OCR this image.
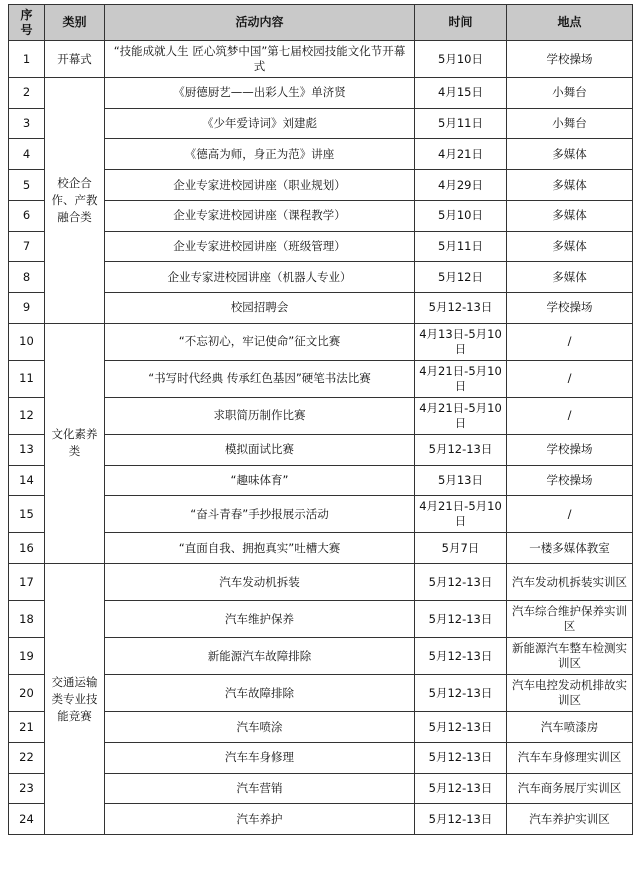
序号	类别	活动内容	时间	地点
1	开幕式	“技能成就人生 匠心筑梦中国”第七届校园技能文化节开幕式	5月10日	学校操场
2	校企合作、产教融合类	《厨德厨艺——出彩人生》单济贤	4月15日	小舞台
3		《少年爱诗词》刘建彪	5月11日	小舞台
4		《德高为师，身正为范》讲座	4月21日	多媒体
5		企业专家进校园讲座（职业规划）	4月29日	多媒体
6		企业专家进校园讲座（课程教学）	5月10日	多媒体
7		企业专家进校园讲座（班级管理）	5月11日	多媒体
8		企业专家进校园讲座（机器人专业）	5月12日	多媒体
9		校园招聘会	5月12-13日	学校操场
10	文化素养类	“不忘初心，牢记使命”征文比赛	4月13日-5月10日	/
11		“书写时代经典 传承红色基因”硬笔书法比赛	4月21日-5月10日	/
12		求职简历制作比赛	4月21日-5月10日	/
13		模拟面试比赛	5月12-13日	学校操场
14		“趣味体育”	5月13日	学校操场
15		“奋斗青春”手抄报展示活动	4月21日-5月10日	/
16		“直面自我、拥抱真实”吐槽大赛	5月7日	一楼多媒体教室
17	交通运输类专业技能竞赛	汽车发动机拆装	5月12-13日	汽车发动机拆装实训区
18		汽车维护保养	5月12-13日	汽车综合维护保养实训区
19		新能源汽车故障排除	5月12-13日	新能源汽车整车检测实训区
20		汽车故障排除	5月12-13日	汽车电控发动机排故实训区
21		汽车喷涂	5月12-13日	汽车喷漆房
22		汽车车身修理	5月12-13日	汽车车身修理实训区
23		汽车营销	5月12-13日	汽车商务展厅实训区
24		汽车养护	5月12-13日	汽车养护实训区
